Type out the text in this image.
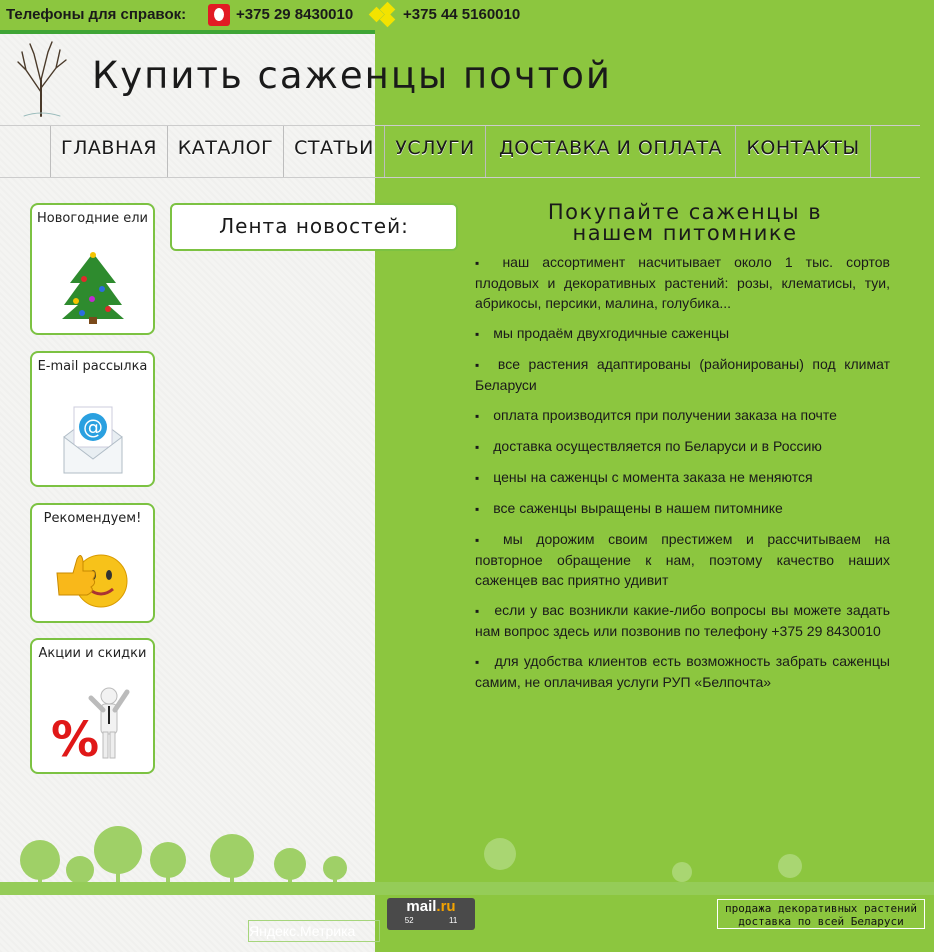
Телефоны для справок:	+375 29 8430010	+375 44 5160010
Купить саженцы почтой
ГЛАВНАЯ	КАТАЛОГ	СТАТЬИ	УСЛУГИ	ДОСТАВКА И ОПЛАТА	КОНТАКТЫ
Новогодние ели
E-mail рассылка
@
Рекомендуем!
Акции и скидки
%
Лента новостей:
Покупайте саженцы в нашем питомнике
▪ наш ассортимент насчитывает около 1 тыс. сортов плодовых и декоративных растений: розы, клематисы, туи, абрикосы, персики, малина, голубика...
▪ мы продаём двухгодичные саженцы
▪ все растения адаптированы (районированы) под климат Беларуси
▪ оплата производится при получении заказа на почте
▪ доставка осуществляется по Беларуси и в Россию
▪ цены на саженцы с момента заказа не меняются
▪ все саженцы выращены в нашем питомнике
▪ мы дорожим своим престижем и рассчитываем на повторное обращение к нам, поэтому качество наших саженцев вас приятно удивит
▪ если у вас возникли какие-либо вопросы вы можете задать нам вопрос здесь или позвонив по телефону +375 29 8430010
▪ для удобства клиентов есть возможность забрать саженцы самим, не оплачивая услуги РУП «Белпочта»
Яндекс.Метрика
mail.ru
52	11
продажа декоративных растений
доставка по всей Беларуси
